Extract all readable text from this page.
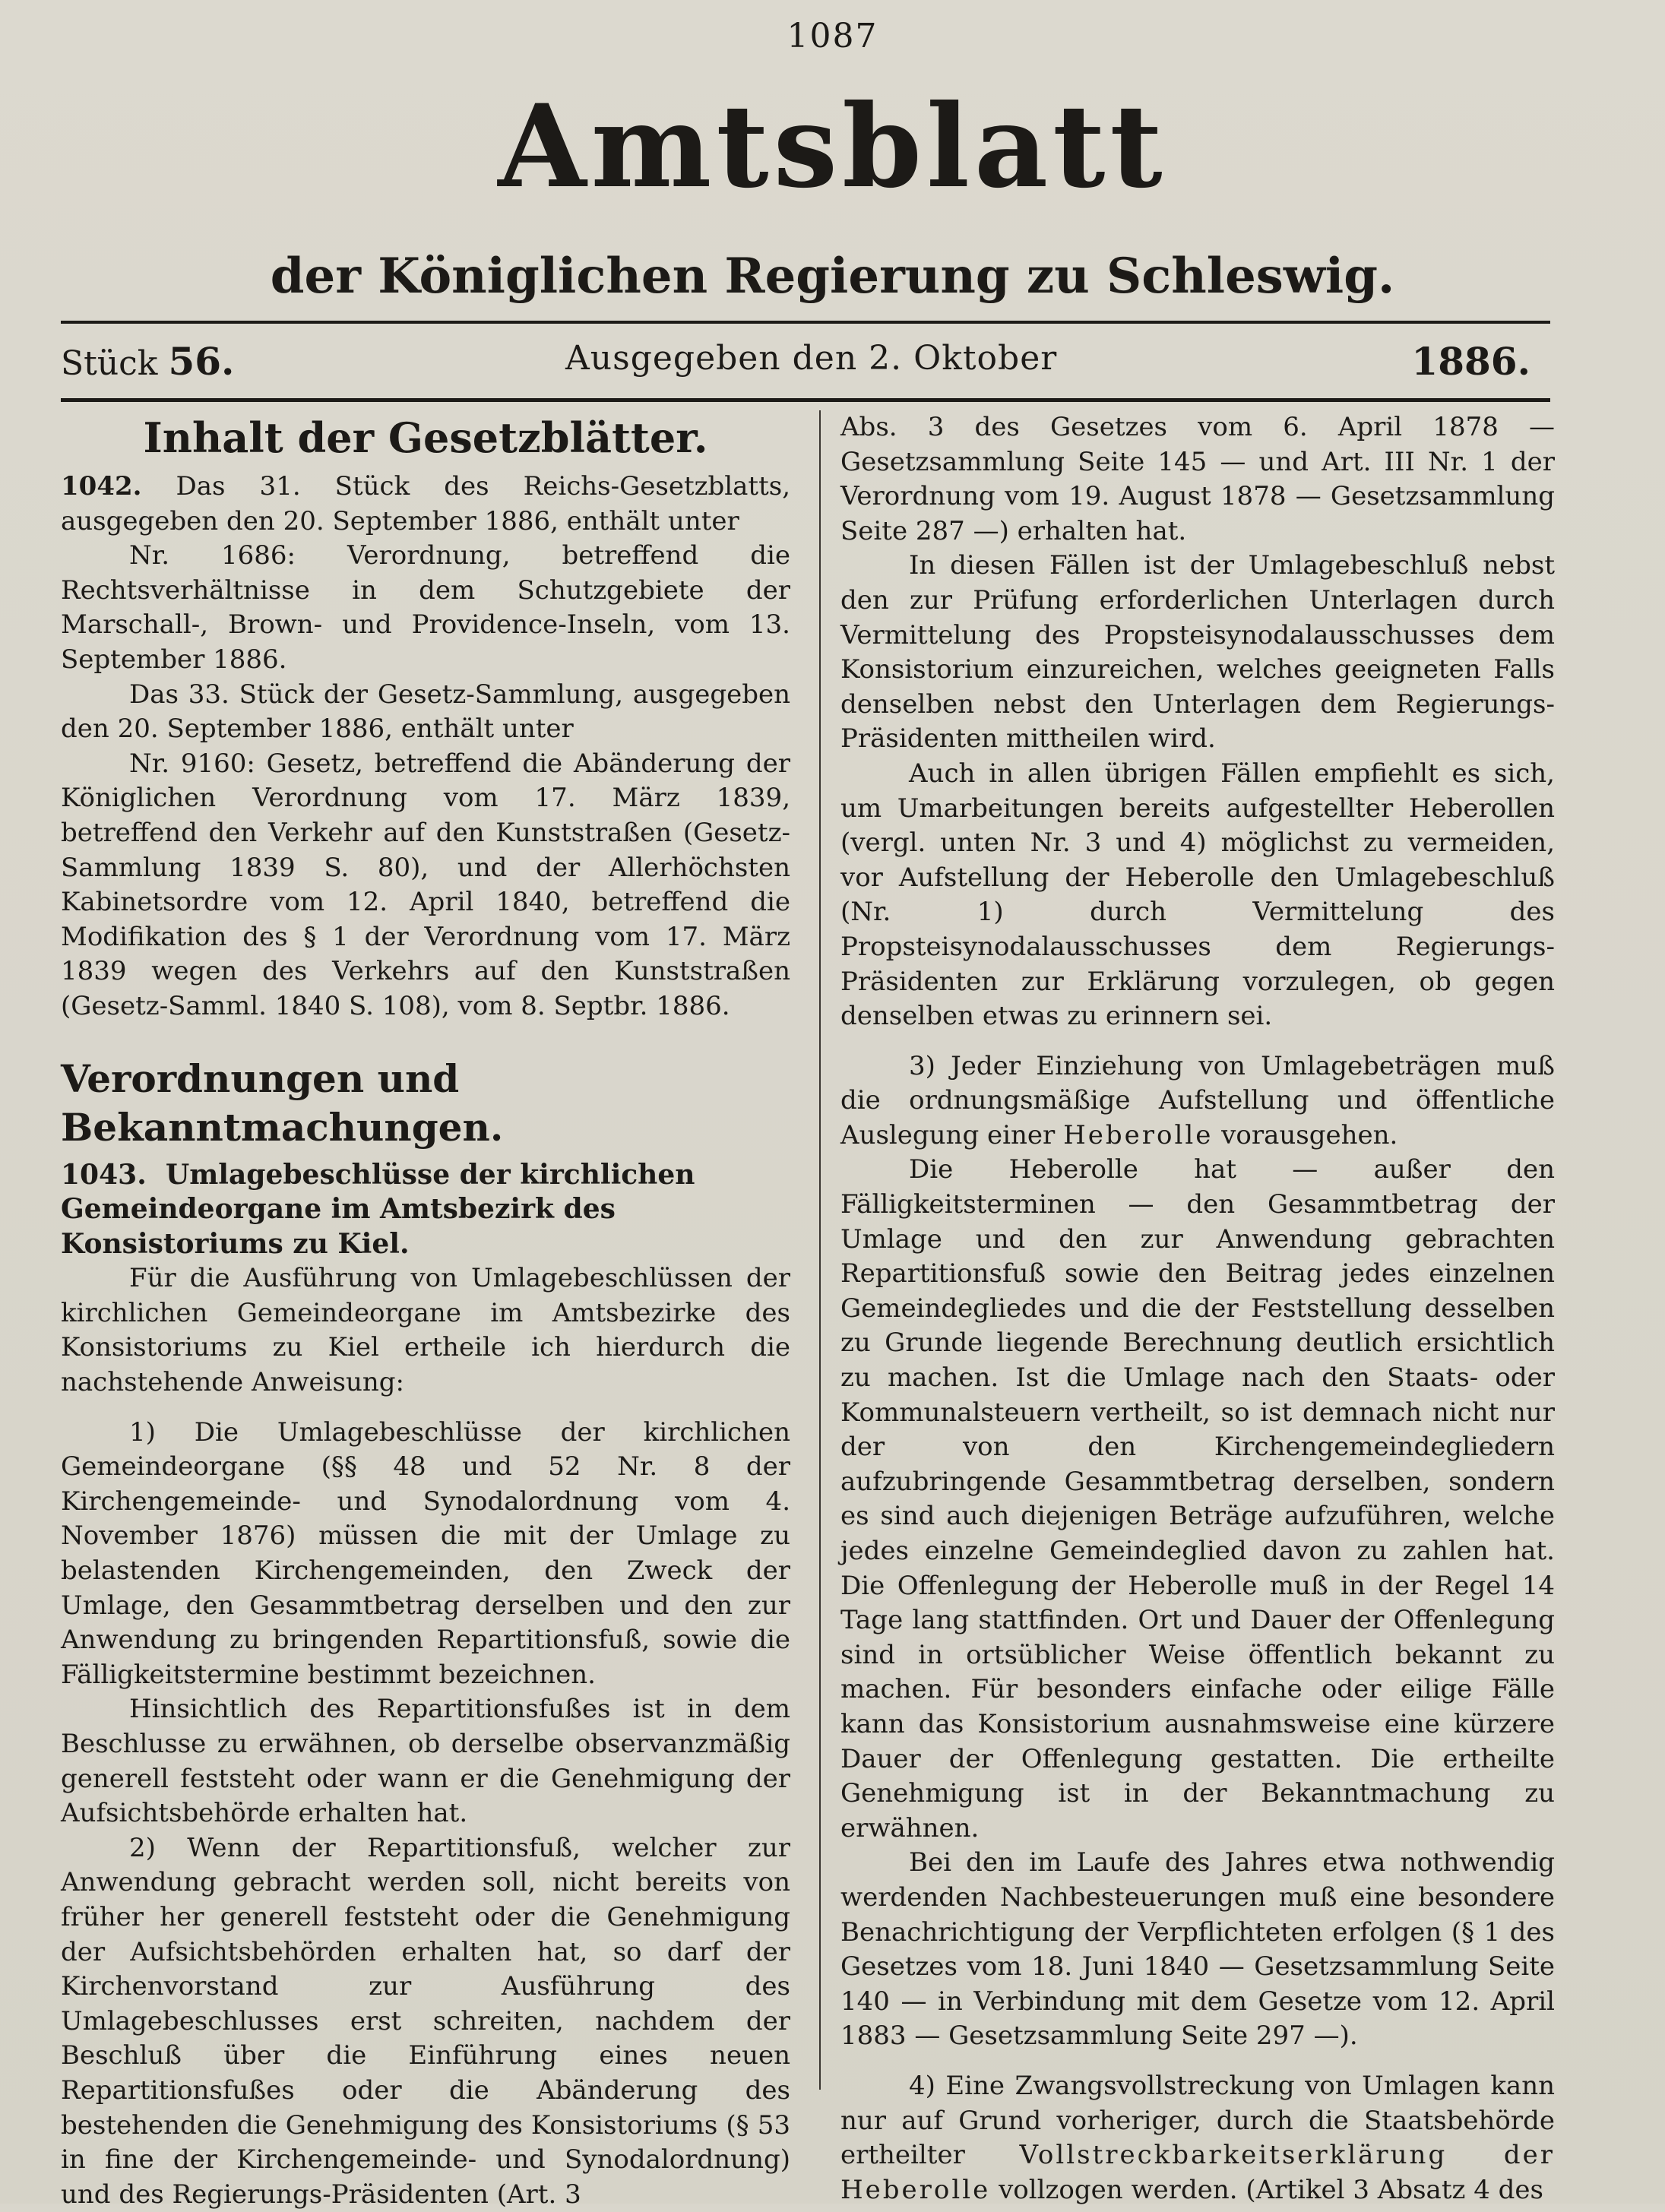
1087
Amtsblatt
der Königlichen Regierung zu Schleswig.
Stück 56.	Ausgegeben den 2. Oktober	1886.
Inhalt der Gesetzblätter.

1042. Das 31. Stück des Reichs-Gesetzblatts, ausgegeben den 20. September 1886, enthält unter

Nr. 1686: Verordnung, betreffend die Rechtsverhältnisse in dem Schutzgebiete der Marschall-, Brown- und Providence-Inseln, vom 13. September 1886.

Das 33. Stück der Gesetz-Sammlung, ausgegeben den 20. September 1886, enthält unter

Nr. 9160: Gesetz, betreffend die Abänderung der Königlichen Verordnung vom 17. März 1839, betreffend den Verkehr auf den Kunststraßen (Gesetz-Sammlung 1839 S. 80), und der Allerhöchsten Kabinetsordre vom 12. April 1840, betreffend die Modifikation des § 1 der Verordnung vom 17. März 1839 wegen des Verkehrs auf den Kunststraßen (Gesetz-Samml. 1840 S. 108), vom 8. Septbr. 1886.

Verordnungen und Bekanntmachungen.

1043. Umlagebeschlüsse der kirchlichen Gemeindeorgane im Amtsbezirk des Konsistoriums zu Kiel.

Für die Ausführung von Umlagebeschlüssen der kirchlichen Gemeindeorgane im Amtsbezirke des Konsistoriums zu Kiel ertheile ich hierdurch die nachstehende Anweisung:

1) Die Umlagebeschlüsse der kirchlichen Gemeindeorgane (§§ 48 und 52 Nr. 8 der Kirchengemeinde- und Synodalordnung vom 4. November 1876) müssen die mit der Umlage zu belastenden Kirchengemeinden, den Zweck der Umlage, den Gesammtbetrag derselben und den zur Anwendung zu bringenden Repartitionsfuß, sowie die Fälligkeitstermine bestimmt bezeichnen.

Hinsichtlich des Repartitionsfußes ist in dem Beschlusse zu erwähnen, ob derselbe observanzmäßig generell feststeht oder wann er die Genehmigung der Aufsichtsbehörde erhalten hat.

2) Wenn der Repartitionsfuß, welcher zur Anwendung gebracht werden soll, nicht bereits von früher her generell feststeht oder die Genehmigung der Aufsichtsbehörden erhalten hat, so darf der Kirchenvorstand zur Ausführung des Umlagebeschlusses erst schreiten, nachdem der Beschluß über die Einführung eines neuen Repartitionsfußes oder die Abänderung des bestehenden die Genehmigung des Konsistoriums (§ 53 in fine der Kirchengemeinde- und Synodalordnung) und des Regierungs-Präsidenten (Art. 3

Abs. 3 des Gesetzes vom 6. April 1878 — Gesetzsammlung Seite 145 — und Art. III Nr. 1 der Verordnung vom 19. August 1878 — Gesetzsammlung Seite 287 —) erhalten hat.

In diesen Fällen ist der Umlagebeschluß nebst den zur Prüfung erforderlichen Unterlagen durch Vermittelung des Propsteisynodalausschusses dem Konsistorium einzureichen, welches geeigneten Falls denselben nebst den Unterlagen dem Regierungs-Präsidenten mittheilen wird.

Auch in allen übrigen Fällen empfiehlt es sich, um Umarbeitungen bereits aufgestellter Heberollen (vergl. unten Nr. 3 und 4) möglichst zu vermeiden, vor Aufstellung der Heberolle den Umlagebeschluß (Nr. 1) durch Vermittelung des Propsteisynodalausschusses dem Regierungs-Präsidenten zur Erklärung vorzulegen, ob gegen denselben etwas zu erinnern sei.

3) Jeder Einziehung von Umlagebeträgen muß die ordnungsmäßige Aufstellung und öffentliche Auslegung einer Heberolle vorausgehen.

Die Heberolle hat — außer den Fälligkeitsterminen — den Gesammtbetrag der Umlage und den zur Anwendung gebrachten Repartitionsfuß sowie den Beitrag jedes einzelnen Gemeindegliedes und die der Feststellung desselben zu Grunde liegende Berechnung deutlich ersichtlich zu machen. Ist die Umlage nach den Staats- oder Kommunalsteuern vertheilt, so ist demnach nicht nur der von den Kirchengemeindegliedern aufzubringende Gesammtbetrag derselben, sondern es sind auch diejenigen Beträge aufzuführen, welche jedes einzelne Gemeindeglied davon zu zahlen hat. Die Offenlegung der Heberolle muß in der Regel 14 Tage lang stattfinden. Ort und Dauer der Offenlegung sind in ortsüblicher Weise öffentlich bekannt zu machen. Für besonders einfache oder eilige Fälle kann das Konsistorium ausnahmsweise eine kürzere Dauer der Offenlegung gestatten. Die ertheilte Genehmigung ist in der Bekanntmachung zu erwähnen.

Bei den im Laufe des Jahres etwa nothwendig werdenden Nachbesteuerungen muß eine besondere Benachrichtigung der Verpflichteten erfolgen (§ 1 des Gesetzes vom 18. Juni 1840 — Gesetzsammlung Seite 140 — in Verbindung mit dem Gesetze vom 12. April 1883 — Gesetzsammlung Seite 297 —).

4) Eine Zwangsvollstreckung von Umlagen kann nur auf Grund vorheriger, durch die Staatsbehörde ertheilter Vollstreckbarkeitserklärung der Heberolle vollzogen werden. (Artikel 3 Absatz 4 des
